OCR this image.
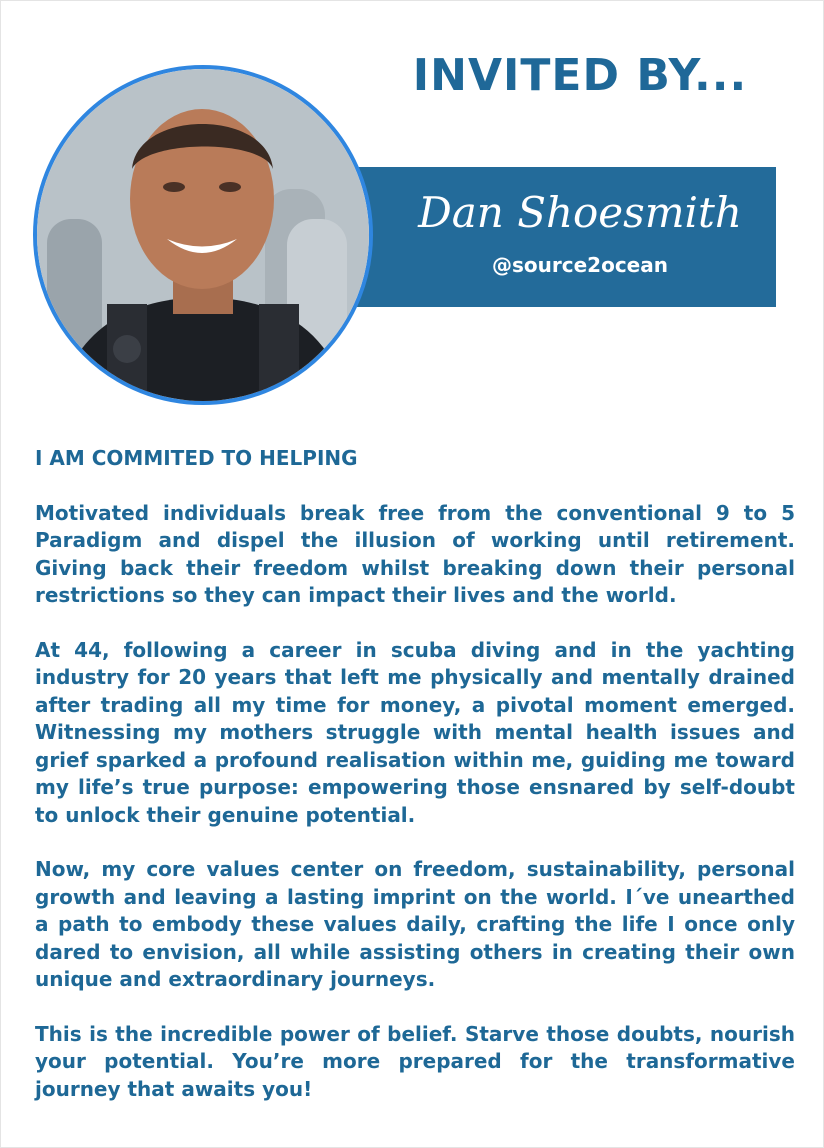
INVITED BY...
Dan Shoesmith
@source2ocean

I AM COMMITED TO HELPING

Motivated individuals break free from the conventional 9 to 5 Paradigm and dispel the illusion of working until retirement. Giving back their freedom whilst breaking down their personal restrictions so they can impact their lives and the world.

At 44, following a career in scuba diving and in the yachting industry for 20 years that left me physically and mentally drained after trading all my time for money, a pivotal moment emerged. Witnessing my mothers struggle with mental health issues and grief sparked a profound realisation within me, guiding me toward my life’s true purpose: empowering those ensnared by self-doubt to unlock their genuine potential.

Now, my core values center on freedom, sustainability, personal growth and leaving a lasting imprint on the world. I´ve unearthed a path to embody these values daily, crafting the life I once only dared to envision, all while assisting others in creating their own unique and extraordinary journeys.

This is the incredible power of belief. Starve those doubts, nourish your potential. You’re more prepared for the transformative journey that awaits you!
